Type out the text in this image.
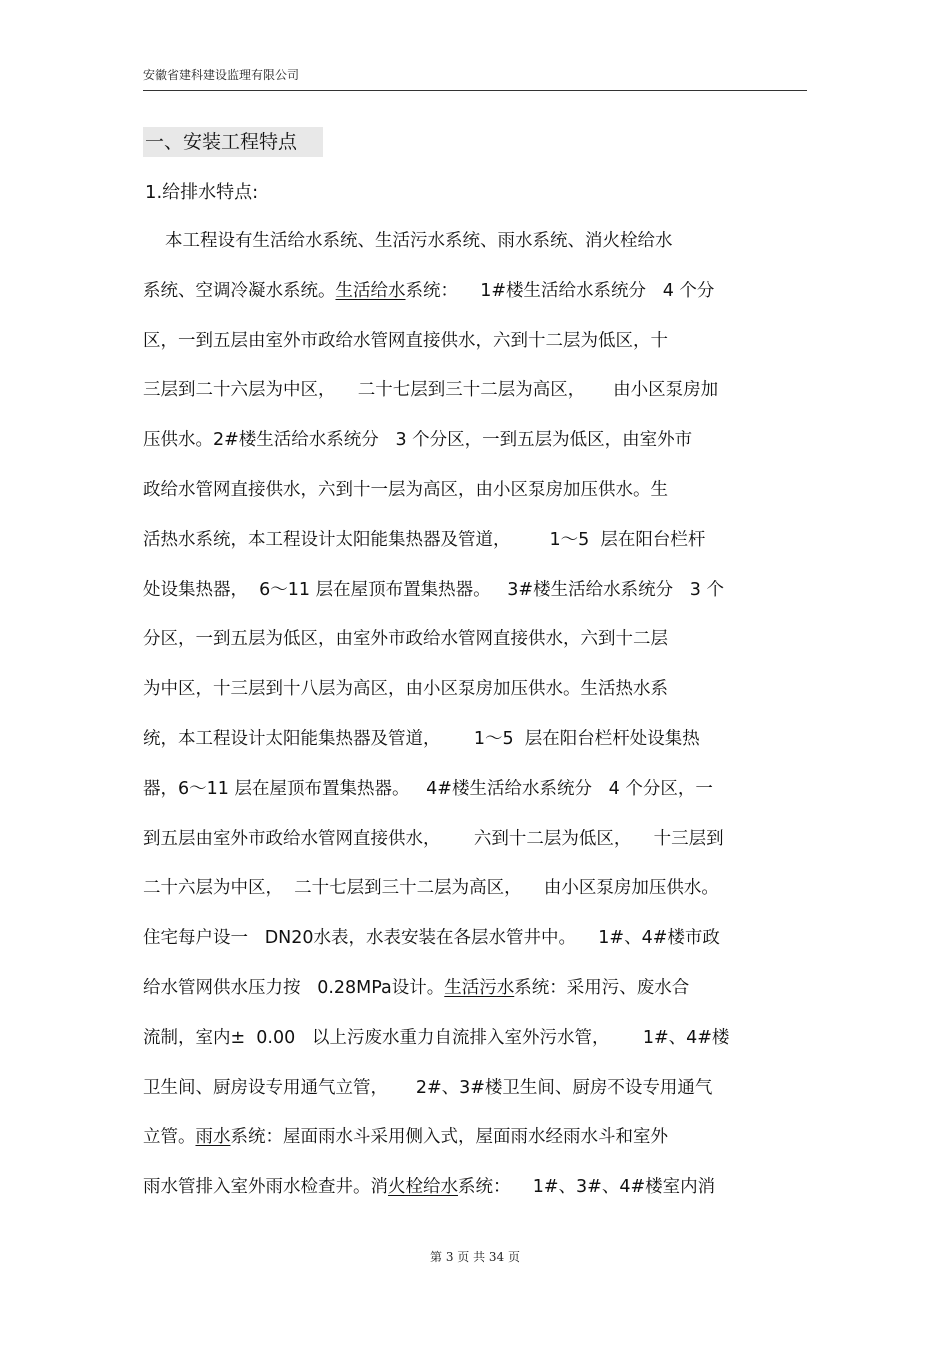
安徽省建科建设监理有限公司
一、安装工程特点
1.给排水特点:
本工程设有生活给水系统、生活污水系统、雨水系统、消火栓给水
系统、空调冷凝水系统。生活给水系统：    1#楼生活给水系统分   4 个分
区，一到五层由室外市政给水管网直接供水，六到十二层为低区，十
三层到二十六层为中区，    二十七层到三十二层为高区，     由小区泵房加
压供水。2#楼生活给水系统分   3 个分区，一到五层为低区，由室外市
政给水管网直接供水，六到十一层为高区，由小区泵房加压供水。生
活热水系统，本工程设计太阳能集热器及管道，       1～5  层在阳台栏杆
处设集热器，  6～11 层在屋顶布置集热器。   3#楼生活给水系统分   3 个
分区，一到五层为低区，由室外市政给水管网直接供水，六到十二层
为中区，十三层到十八层为高区，由小区泵房加压供水。生活热水系
统，本工程设计太阳能集热器及管道，      1～5  层在阳台栏杆处设集热
器，6～11 层在屋顶布置集热器。   4#楼生活给水系统分   4 个分区，一
到五层由室外市政给水管网直接供水，      六到十二层为低区，    十三层到
二十六层为中区，  二十七层到三十二层为高区，    由小区泵房加压供水。
住宅每户设一   DN20水表，水表安装在各层水管井中。    1#、4#楼市政
给水管网供水压力按   0.28MPa设计。生活污水系统：采用污、废水合
流制，室内±  0.00   以上污废水重力自流排入室外污水管，      1#、4#楼
卫生间、厨房设专用通气立管，     2#、3#楼卫生间、厨房不设专用通气
立管。雨水系统：屋面雨水斗采用侧入式，屋面雨水经雨水斗和室外
雨水管排入室外雨水检查井。消火栓给水系统：    1#、3#、4#楼室内消
第 3 页 共 34 页
